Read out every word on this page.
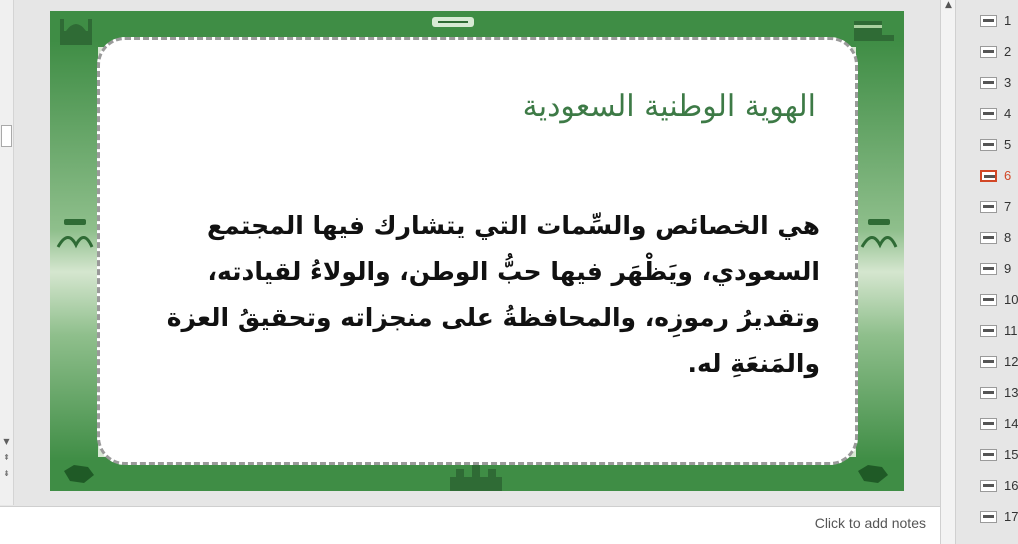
▼
⇞
⇟
الهوية الوطنية السعودية
هي الخصائص والسِّمات التي يتشارك فيها المجتمع السعودي، ويَظْهَر فيها حبُّ الوطن، والولاءُ لقيادته، وتقديرُ رموزِه، والمحافظةُ على منجزاته وتحقيقُ العزة والمَنعَةِ له.
▲
1
2
3
4
5
6
7
8
9
10
11
12
13
14
15
16
17
Click to add notes
